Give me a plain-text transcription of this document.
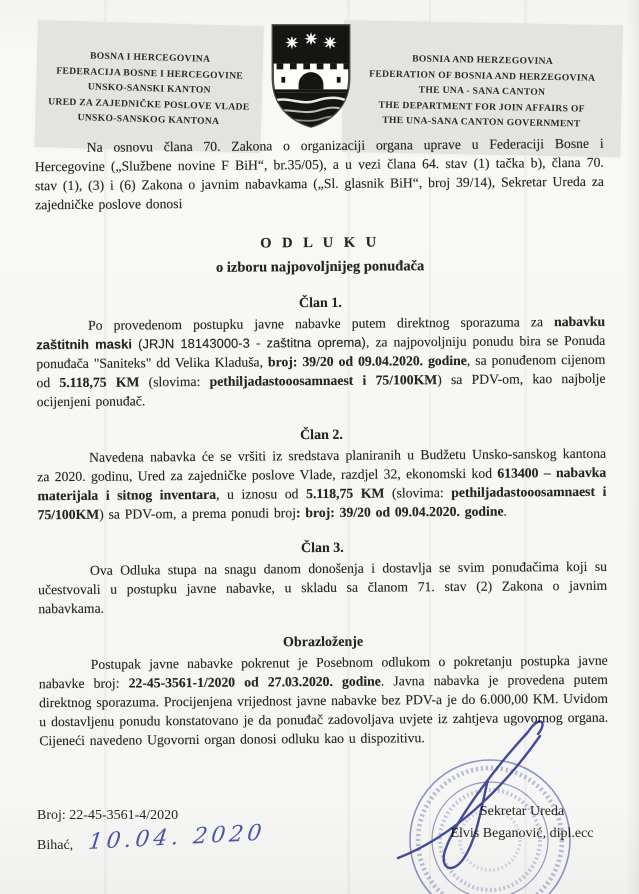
BOSNA I HERCEGOVINA
FEDERACIJA BOSNE I HERCEGOVINE
UNSKO-SANSKI KANTON
URED ZA ZAJEDNIČKE POSLOVE VLADE
UNSKO-SANSKOG KANTONA
BOSNIA AND HERZEGOVINA
FEDERATION OF BOSNIA AND HERZEGOVINA
THE UNA - SANA CANTON
THE DEPARTMENT FOR JOIN AFFAIRS OF
THE UNA-SANA CANTON GOVERNMENT

Na osnovu člana 70. Zakona o organizaciji organa uprave u Federaciji Bosne i Hercegovine („Službene novine F BiH“, br.35/05), a u vezi člana 64. stav (1) tačka b), člana 70. stav (1), (3) i (6) Zakona o javnim nabavkama („Sl. glasnik BiH“, broj 39/14), Sekretar Ureda za zajedničke poslove donosi

O D L U K U
o izboru najpovoljnijeg ponuđača
Član 1.

Po provedenom postupku javne nabavke putem direktnog sporazuma za nabavku zaštitnih maski (JRJN 18143000-3 - zaštitna oprema), za najpovoljniju ponudu bira se Ponuda ponuđača "Saniteks" dd Velika Kladuša, broj: 39/20 od 09.04.2020. godine, sa ponuđenom cijenom od 5.118,75 KM (slovima: pethiljadastooosamnaest i 75/100KM) sa PDV-om, kao najbolje ocijenjeni ponuđač.

Član 2.

Navedena nabavka će se vršiti iz sredstava planiranih u Budžetu Unsko-sanskog kantona za 2020. godinu, Ured za zajedničke poslove Vlade, razdjel 32, ekonomski kod 613400 – nabavka materijala i sitnog inventara, u iznosu od 5.118,75 KM (slovima: pethiljadastooosamnaest i 75/100KM) sa PDV-om, a prema ponudi broj: broj: 39/20 od 09.04.2020. godine.

Član 3.

Ova Odluka stupa na snagu danom donošenja i dostavlja se svim ponuđačima koji su učestvovali u postupku javne nabavke, u skladu sa članom 71. stav (2) Zakona o javnim nabavkama.

Obrazloženje

Postupak javne nabavke pokrenut je Posebnom odlukom o pokretanju postupka javne nabavke broj: 22-45-3561-1/2020 od 27.03.2020. godine. Javna nabavka je provedena putem direktnog sporazuma. Procijenjena vrijednost javne nabavke bez PDV-a je do 6.000,00 KM. Uvidom u dostavljenu ponudu konstatovano je da ponuđač zadovoljava uvjete iz zahtjeva ugovornog organa. Cijeneći navedeno Ugovorni organ donosi odluku kao u dispozitivu.

Broj: 22-45-3561-4/2020
Bihać, 10.04. 2020
Sekretar Ureda
Elvis Beganović, dipl.ecc
